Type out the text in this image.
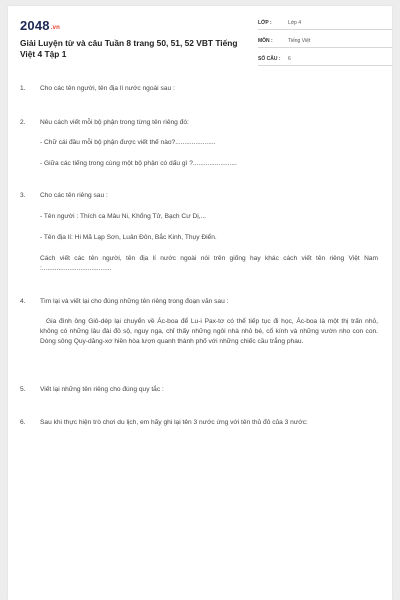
2048.vn
Giải Luyện từ và câu Tuần 8 trang 50, 51, 52 VBT Tiếng Việt 4 Tập 1
LỚP :	Lớp 4
MÔN :	Tiếng Việt
SỐ CÂU :	6
1. Cho các tên người, tên địa lí nước ngoài sau :
2. Nêu cách viết mỗi bộ phận trong từng tên riêng đó:
- Chữ cái đầu mỗi bộ phận được viết thế nào?......................
- Giữa các tiếng trong cùng một bộ phận có dấu gì ?........................
3. Cho các tên riêng sau :
- Tên người : Thích ca Mâu Ni, Khổng Tử, Bạch Cư Dị,...
- Tên địa lí: Hi Mã Lạp Sơn, Luân Đôn, Bắc Kinh, Thụy Điển.
Cách viết các tên người, tên địa lí nước ngoài nói trên giống hay khác cách viết tên riêng Việt Nam :......................................
4. Tìm lại và viết lại cho đúng những tên riêng trong đoạn văn sau :
Gia đình ông Giô-dép lại chuyển về Ác-boa để Lu-i Pax-tơ có thể tiếp tục đi học, Ác-boa là một thị trấn nhỏ, không có những lâu đài đồ sộ, nguy nga, chỉ thấy những ngôi nhà nhỏ bé, cổ kính và những vườn nho con con. Dòng sông Quy-dăng-xơ hiền hòa lượn quanh thành phố với những chiếc cầu trắng phau.
5. Viết lại những tên riêng cho đúng quy tắc :
6. Sau khi thực hiện trò chơi du lịch, em hãy ghi lại tên 3 nước ứng với tên thủ đô của 3 nước:
